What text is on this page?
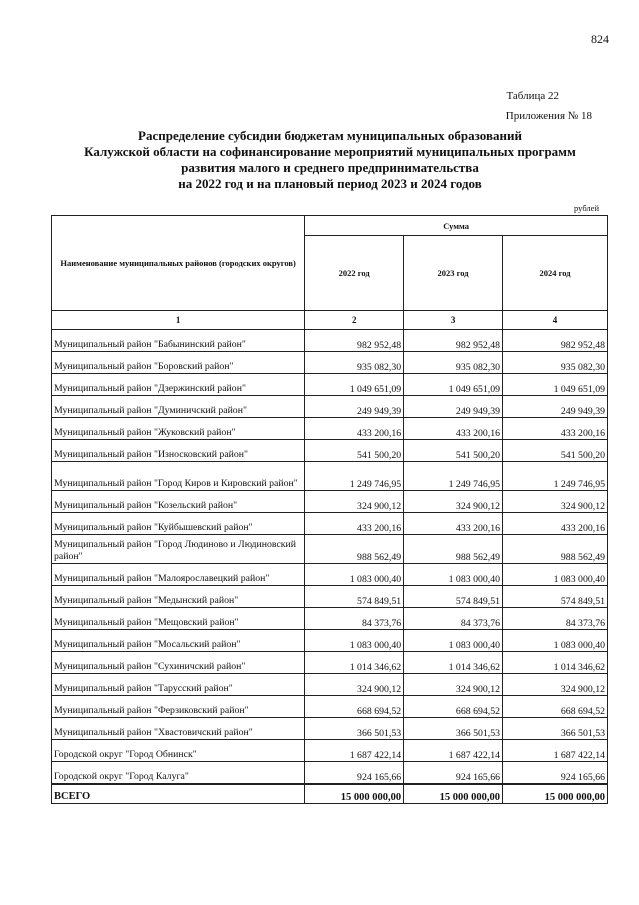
824
Таблица 22
Приложения № 18
Распределение субсидии бюджетам муниципальных образований
Калужской области на софинансирование мероприятий муниципальных программ
развития малого и среднего предпринимательства
на 2022 год и на плановый период 2023 и 2024 годов
рублей
Наименование муниципальных районов (городских округов)	Сумма		
	2022 год	2023 год	2024 год
1	2	3	4
Муниципальный район "Бабынинский район"	982 952,48	982 952,48	982 952,48
Муниципальный район "Боровский район"	935 082,30	935 082,30	935 082,30
Муниципальный район "Дзержинский район"	1 049 651,09	1 049 651,09	1 049 651,09
Муниципальный район "Думиничский район"	249 949,39	249 949,39	249 949,39
Муниципальный район "Жуковский район"	433 200,16	433 200,16	433 200,16
Муниципальный район "Износковский район"	541 500,20	541 500,20	541 500,20
Муниципальный район "Город Киров и Кировский район"	1 249 746,95	1 249 746,95	1 249 746,95
Муниципальный район "Козельский район"	324 900,12	324 900,12	324 900,12
Муниципальный район "Куйбышевский район"	433 200,16	433 200,16	433 200,16
Муниципальный район "Город Людиново и Людиновский район"	988 562,49	988 562,49	988 562,49
Муниципальный район "Малоярославецкий район"	1 083 000,40	1 083 000,40	1 083 000,40
Муниципальный район "Медынский район"	574 849,51	574 849,51	574 849,51
Муниципальный район "Мещовский район"	84 373,76	84 373,76	84 373,76
Муниципальный район "Мосальский район"	1 083 000,40	1 083 000,40	1 083 000,40
Муниципальный район "Сухиничский район"	1 014 346,62	1 014 346,62	1 014 346,62
Муниципальный район "Тарусский район"	324 900,12	324 900,12	324 900,12
Муниципальный район "Ферзиковский район"	668 694,52	668 694,52	668 694,52
Муниципальный район "Хвастовичский район"	366 501,53	366 501,53	366 501,53
Городской округ "Город Обнинск"	1 687 422,14	1 687 422,14	1 687 422,14
Городской округ "Город Калуга"	924 165,66	924 165,66	924 165,66
ВСЕГО	15 000 000,00	15 000 000,00	15 000 000,00
